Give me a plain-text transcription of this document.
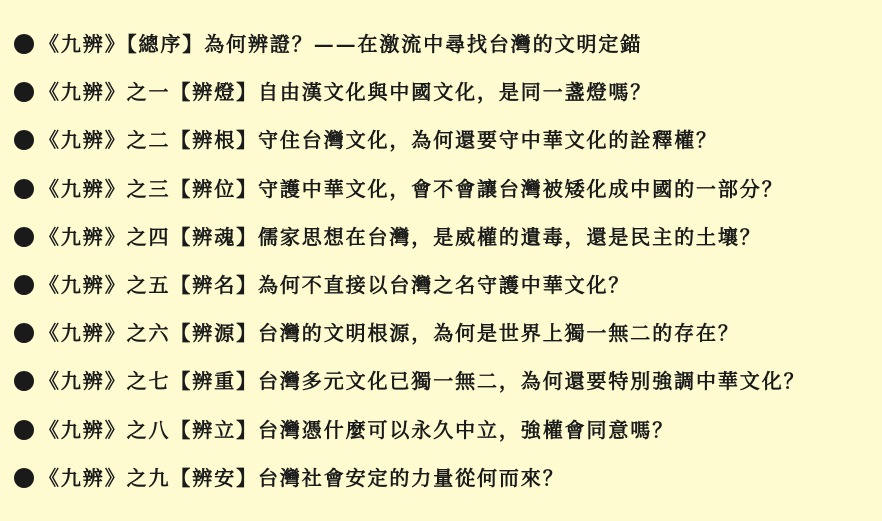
《九辨》【總序】為何辨證？——在激流中尋找台灣的文明定錨
《九辨》之一【辨燈】自由漢文化與中國文化，是同一盞燈嗎？
《九辨》之二【辨根】守住台灣文化，為何還要守中華文化的詮釋權？
《九辨》之三【辨位】守護中華文化，會不會讓台灣被矮化成中國的一部分？
《九辨》之四【辨魂】儒家思想在台灣，是威權的遺毒，還是民主的土壤？
《九辨》之五【辨名】為何不直接以台灣之名守護中華文化？
《九辨》之六【辨源】台灣的文明根源，為何是世界上獨一無二的存在？
《九辨》之七【辨重】台灣多元文化已獨一無二，為何還要特別強調中華文化？
《九辨》之八【辨立】台灣憑什麼可以永久中立，強權會同意嗎？
《九辨》之九【辨安】台灣社會安定的力量從何而來？
